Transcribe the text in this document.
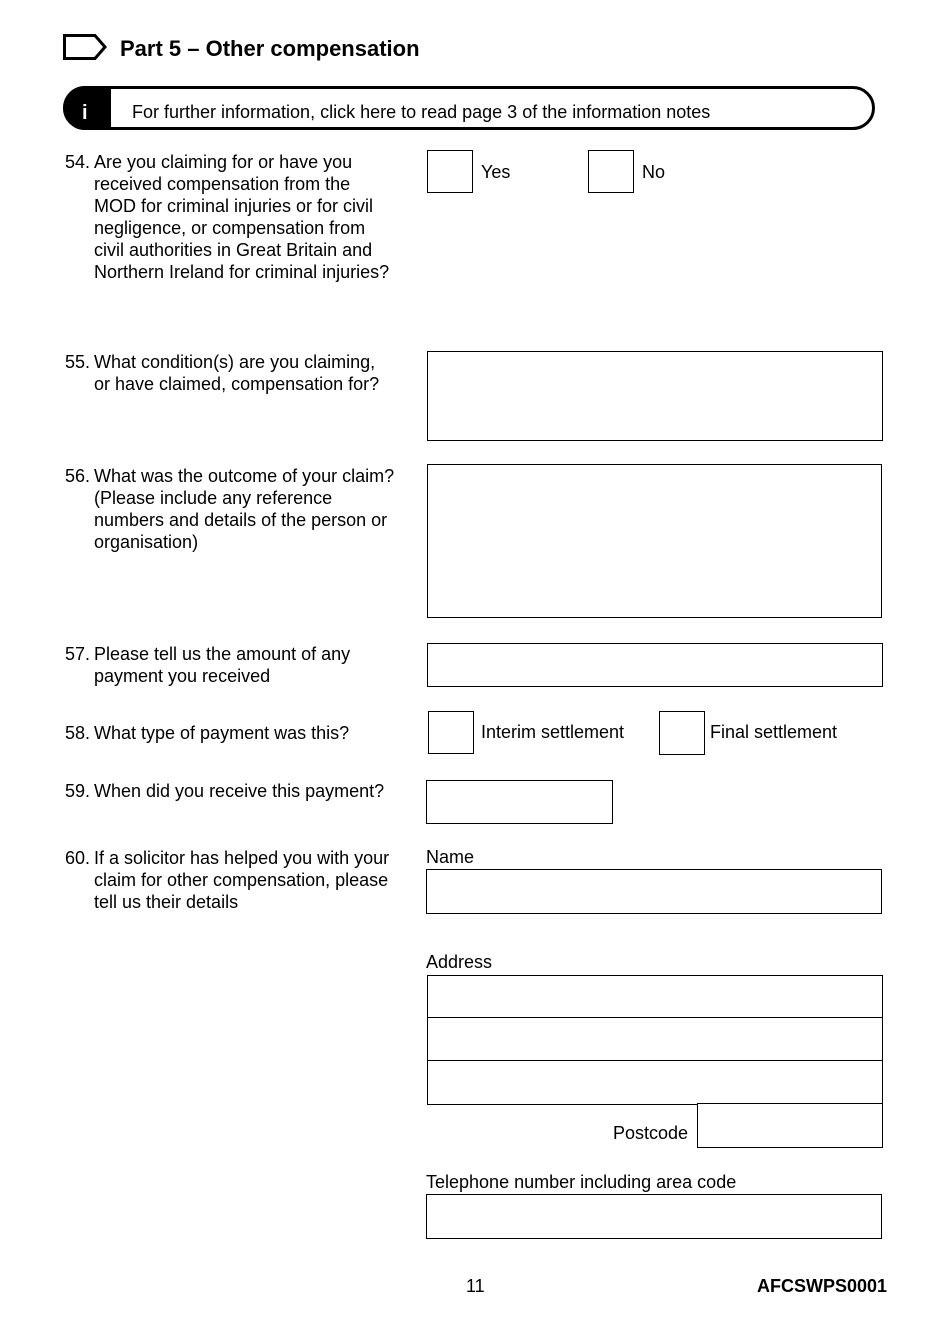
Part 5 – Other compensation
i For further information, click here to read page 3 of the information notes
54. Are you claiming for or have you received compensation from the MOD for criminal injuries or for civil negligence, or compensation from civil authorities in Great Britain and Northern Ireland for criminal injuries?
Yes	No
55. What condition(s) are you claiming, or have claimed, compensation for?
56. What was the outcome of your claim? (Please include any reference numbers and details of the person or organisation)
57. Please tell us the amount of any payment you received
58. What type of payment was this?	Interim settlement	Final settlement
59. When did you receive this payment?
60. If a solicitor has helped you with your claim for other compensation, please tell us their details
Name
Address
Postcode
Telephone number including area code
11	AFCSWPS0001
